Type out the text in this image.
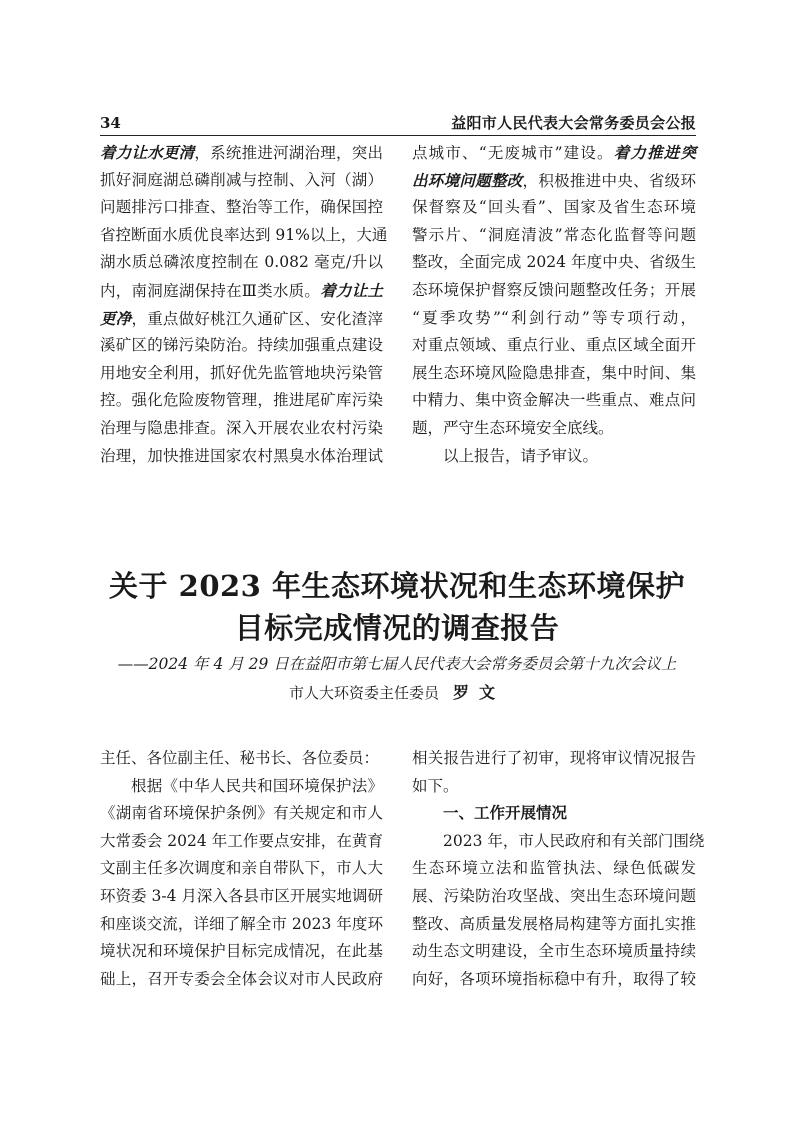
34	益阳市人民代表大会常务委员会公报
着力让水更清，系统推进河湖治理，突出
抓好洞庭湖总磷削减与控制、入河（湖）
问题排污口排查、整治等工作，确保国控
省控断面水质优良率达到 91%以上，大通
湖水质总磷浓度控制在 0.082 毫克/升以
内，南洞庭湖保持在Ⅲ类水质。着力让土
更净，重点做好桃江久通矿区、安化渣滓
溪矿区的锑污染防治。持续加强重点建设
用地安全利用，抓好优先监管地块污染管
控。强化危险废物管理，推进尾矿库污染
治理与隐患排查。深入开展农业农村污染
治理，加快推进国家农村黑臭水体治理试
点城市、“无废城市”建设。着力推进突
出环境问题整改，积极推进中央、省级环
保督察及“回头看”、国家及省生态环境
警示片、“洞庭清波”常态化监督等问题
整改，全面完成 2024 年度中央、省级生
态环境保护督察反馈问题整改任务；开展
“夏季攻势”“利剑行动”等专项行动，
对重点领域、重点行业、重点区域全面开
展生态环境风险隐患排查，集中时间、集
中精力、集中资金解决一些重点、难点问
题，严守生态环境安全底线。
以上报告，请予审议。
关于 2023 年生态环境状况和生态环境保护
目标完成情况的调查报告
——2024 年 4 月 29 日在益阳市第七届人民代表大会常务委员会第十九次会议上
市人大环资委主任委员 罗文
主任、各位副主任、秘书长、各位委员：
根据《中华人民共和国环境保护法》
《湖南省环境保护条例》有关规定和市人
大常委会 2024 年工作要点安排，在黄育
文副主任多次调度和亲自带队下，市人大
环资委 3-4 月深入各县市区开展实地调研
和座谈交流，详细了解全市 2023 年度环
境状况和环境保护目标完成情况，在此基
础上，召开专委会全体会议对市人民政府
相关报告进行了初审，现将审议情况报告
如下。
一、工作开展情况
2023 年，市人民政府和有关部门围绕
生态环境立法和监管执法、绿色低碳发
展、污染防治攻坚战、突出生态环境问题
整改、高质量发展格局构建等方面扎实推
动生态文明建设，全市生态环境质量持续
向好，各项环境指标稳中有升，取得了较
